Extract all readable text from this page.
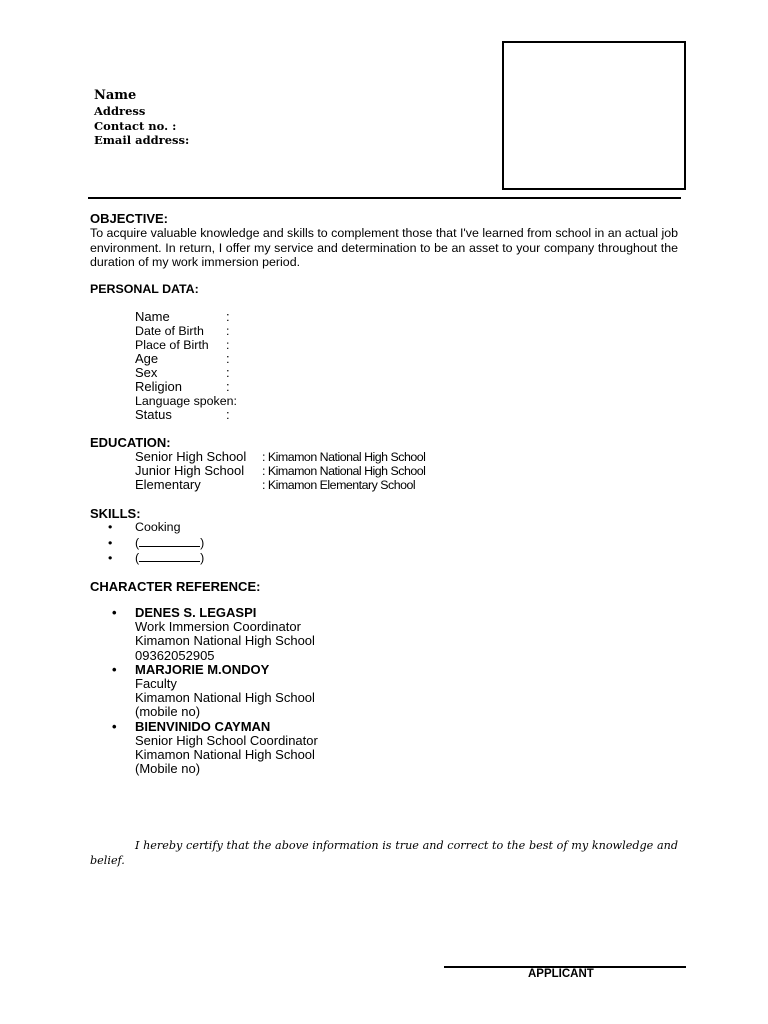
Name
Address
Contact no. :
Email address:
OBJECTIVE:
To acquire valuable knowledge and skills to complement those that I've learned from school in an actual job environment. In return, I offer my service and determination to be an asset to your company throughout the duration of my work immersion period.
PERSONAL DATA:
Name	:
Date of Birth :
Place of Birth :
Age	:
Sex	:
Religion	:
Language spoken:
Status	:
EDUCATION:
Senior High School : Kimamon National High School
Junior High School : Kimamon National High School
Elementary	: Kimamon Elementary School
SKILLS:
• Cooking
• (	)
• (	)
CHARACTER REFERENCE:
• DENES S. LEGASPI
Work Immersion Coordinator
Kimamon National High School
09362052905
• MARJORIE M.ONDOY
Faculty
Kimamon National High School
(mobile no)
• BIENVINIDO CAYMAN
Senior High School Coordinator
Kimamon National High School
(Mobile no)
I hereby certify that the above information is true and correct to the best of my knowledge and belief.
APPLICANT
